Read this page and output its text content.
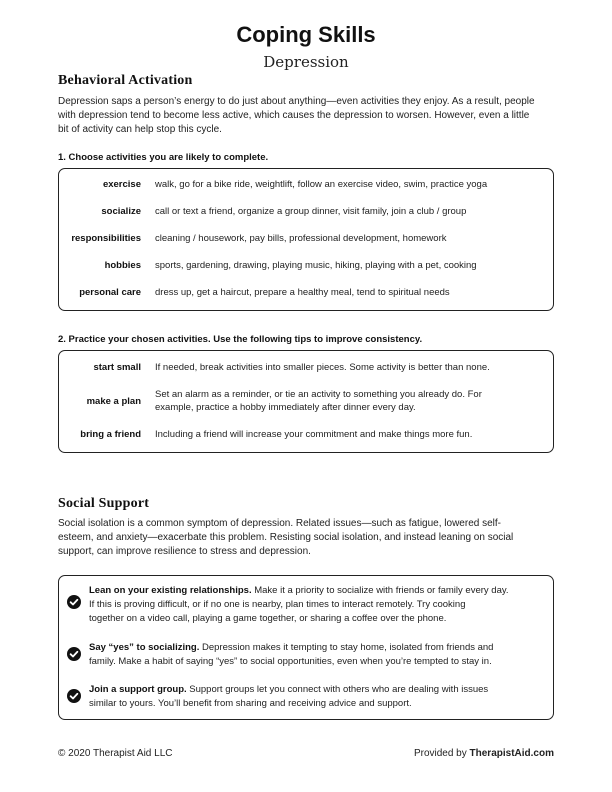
Coping Skills
Depression
Behavioral Activation
Depression saps a person’s energy to do just about anything—even activities they enjoy. As a result, people
with depression tend to become less active, which causes the depression to worsen. However, even a little
bit of activity can help stop this cycle.
1. Choose activities you are likely to complete.
exercise walk, go for a bike ride, weightlift, follow an exercise video, swim, practice yoga
socialize call or text a friend, organize a group dinner, visit family, join a club / group
responsibilities cleaning / housework, pay bills, professional development, homework
hobbies sports, gardening, drawing, playing music, hiking, playing with a pet, cooking
personal care dress up, get a haircut, prepare a healthy meal, tend to spiritual needs
2. Practice your chosen activities. Use the following tips to improve consistency.
start small If needed, break activities into smaller pieces. Some activity is better than none.
make a plan
Set an alarm as a reminder, or tie an activity to something you already do. For
example, practice a hobby immediately after dinner every day.
bring a friend Including a friend will increase your commitment and make things more fun.
Social Support
Social isolation is a common symptom of depression. Related issues—such as fatigue, lowered self-
esteem, and anxiety—exacerbate this problem. Resisting social isolation, and instead leaning on social
support, can improve resilience to stress and depression.
Lean on your existing relationships. Make it a priority to socialize with friends or family every day.
If this is proving difficult, or if no one is nearby, plan times to interact remotely. Try cooking
together on a video call, playing a game together, or sharing a coffee over the phone.
Say “yes” to socializing. Depression makes it tempting to stay home, isolated from friends and
family. Make a habit of saying “yes” to social opportunities, even when you’re tempted to stay in.
Join a support group. Support groups let you connect with others who are dealing with issues
similar to yours. You’ll benefit from sharing and receiving advice and support.
© 2020 Therapist Aid LLC	Provided by TherapistAid.com
